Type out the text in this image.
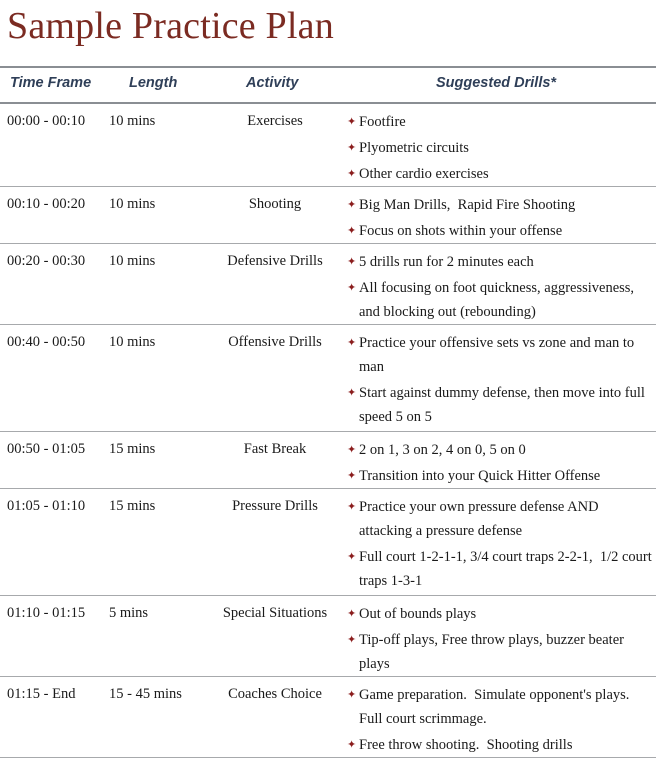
Sample Practice Plan
Time Frame	Length	Activity	Suggested Drills*
00:00 - 00:10 10 mins	Exercises	✦ Footfire
✦ Plyometric circuits
✦ Other cardio exercises
00:10 - 00:20 10 mins	Shooting	✦ Big Man Drills,  Rapid Fire Shooting
✦ Focus on shots within your offense
00:20 - 00:30 10 mins	Defensive Drills	✦ 5 drills run for 2 minutes each
✦ All focusing on foot quickness, aggressiveness, and blocking out (rebounding)
00:40 - 00:50 10 mins	Offensive Drills	✦ Practice your offensive sets vs zone and man to man
✦ Start against dummy defense, then move into full speed 5 on 5
00:50 - 01:05 15 mins	Fast Break	✦ 2 on 1, 3 on 2, 4 on 0, 5 on 0
✦ Transition into your Quick Hitter Offense
01:05 - 01:10 15 mins	Pressure Drills	✦ Practice your own pressure defense AND attacking a pressure defense
✦ Full court 1-2-1-1, 3/4 court traps 2-2-1,  1/2 court traps 1-3-1
01:10 - 01:15 5 mins	Special Situations	✦ Out of bounds plays
✦ Tip-off plays, Free throw plays, buzzer beater plays
01:15 - End 15 - 45 mins	Coaches Choice	✦ Game preparation.  Simulate opponent's plays.  Full court scrimmage.
✦ Free throw shooting.  Shooting drills
